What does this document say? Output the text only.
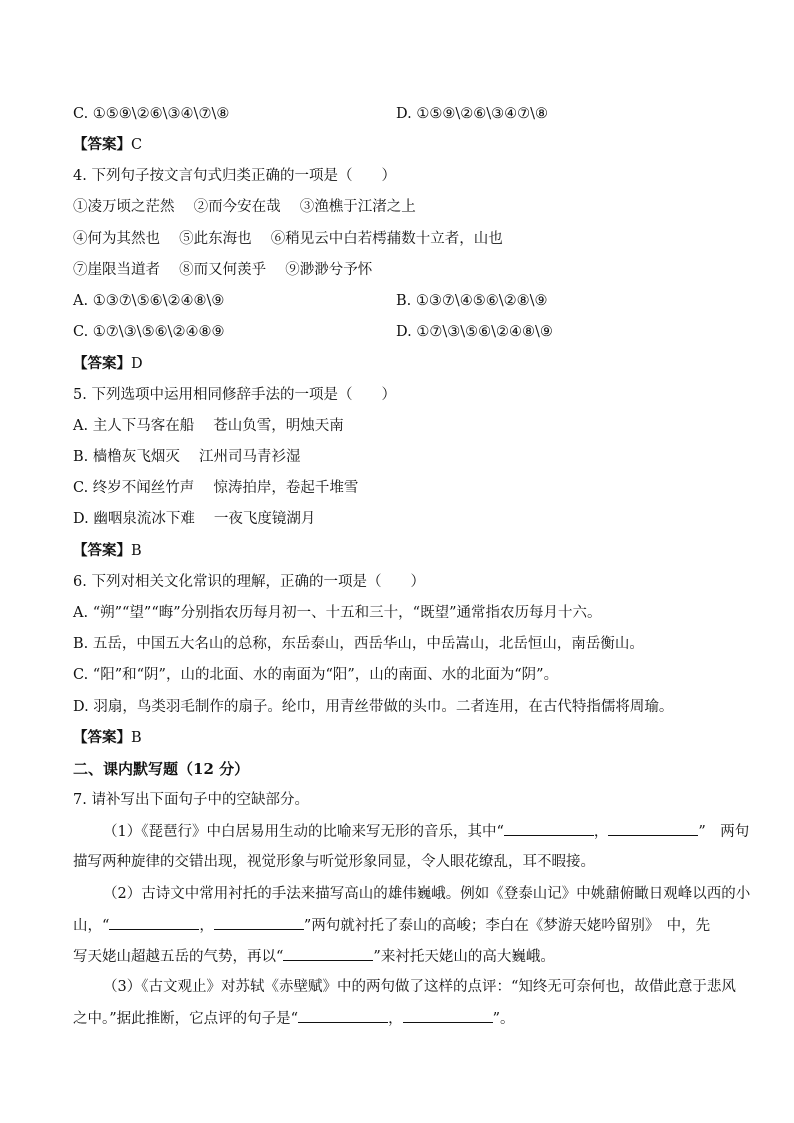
C. ①⑤⑨\②⑥\③④\⑦\⑧	D. ①⑤⑨\②⑥\③④⑦\⑧
【答案】C
4. 下列句子按文言句式归类正确的一项是（　　）
①凌万顷之茫然　 ②而今安在哉　 ③渔樵于江渚之上
④何为其然也　 ⑤此东海也　 ⑥稍见云中白若樗蒱数十立者，山也
⑦崖限当道者　 ⑧而又何羡乎　 ⑨渺渺兮予怀
A. ①③⑦\⑤⑥\②④⑧\⑨	B. ①③⑦\④⑤⑥\②⑧\⑨
C. ①⑦\③\⑤⑥\②④⑧⑨	D. ①⑦\③\⑤⑥\②④⑧\⑨
【答案】D
5. 下列选项中运用相同修辞手法的一项是（　　）
A. 主人下马客在船　 苍山负雪，明烛天南
B. 樯橹灰飞烟灭　 江州司马青衫湿
C. 终岁不闻丝竹声　 惊涛拍岸，卷起千堆雪
D. 幽咽泉流冰下难　 一夜飞度镜湖月
【答案】B
6. 下列对相关文化常识的理解，正确的一项是（　　）
A. “朔”“望”“晦”分别指农历每月初一、十五和三十，“既望”通常指农历每月十六。
B. 五岳，中国五大名山的总称，东岳泰山，西岳华山，中岳嵩山，北岳恒山，南岳衡山。
C. “阳”和“阴”，山的北面、水的南面为“阳”，山的南面、水的北面为“阴”。
D. 羽扇，鸟类羽毛制作的扇子。纶巾，用青丝带做的头巾。二者连用，在古代特指儒将周瑜。
【答案】B
二、课内默写题（12 分）
7. 请补写出下面句子中的空缺部分。
（1）《琵琶行》中白居易用生动的比喻来写无形的音乐，其中“	，	”　两句
描写两种旋律的交错出现，视觉形象与听觉形象同显，令人眼花缭乱，耳不暇接。
（2）古诗文中常用衬托的手法来描写高山的雄伟巍峨。例如《登泰山记》中姚鼐俯瞰日观峰以西的小
山，“	，	”两句就衬托了泰山的高峻；李白在《梦游天姥吟留别》　中，先
写天姥山超越五岳的气势，再以“	”来衬托天姥山的高大巍峨。
（3）《古文观止》对苏轼《赤壁赋》中的两句做了这样的点评：“知终无可奈何也，故借此意于悲风
之中。”据此推断，它点评的句子是“	，	”。
